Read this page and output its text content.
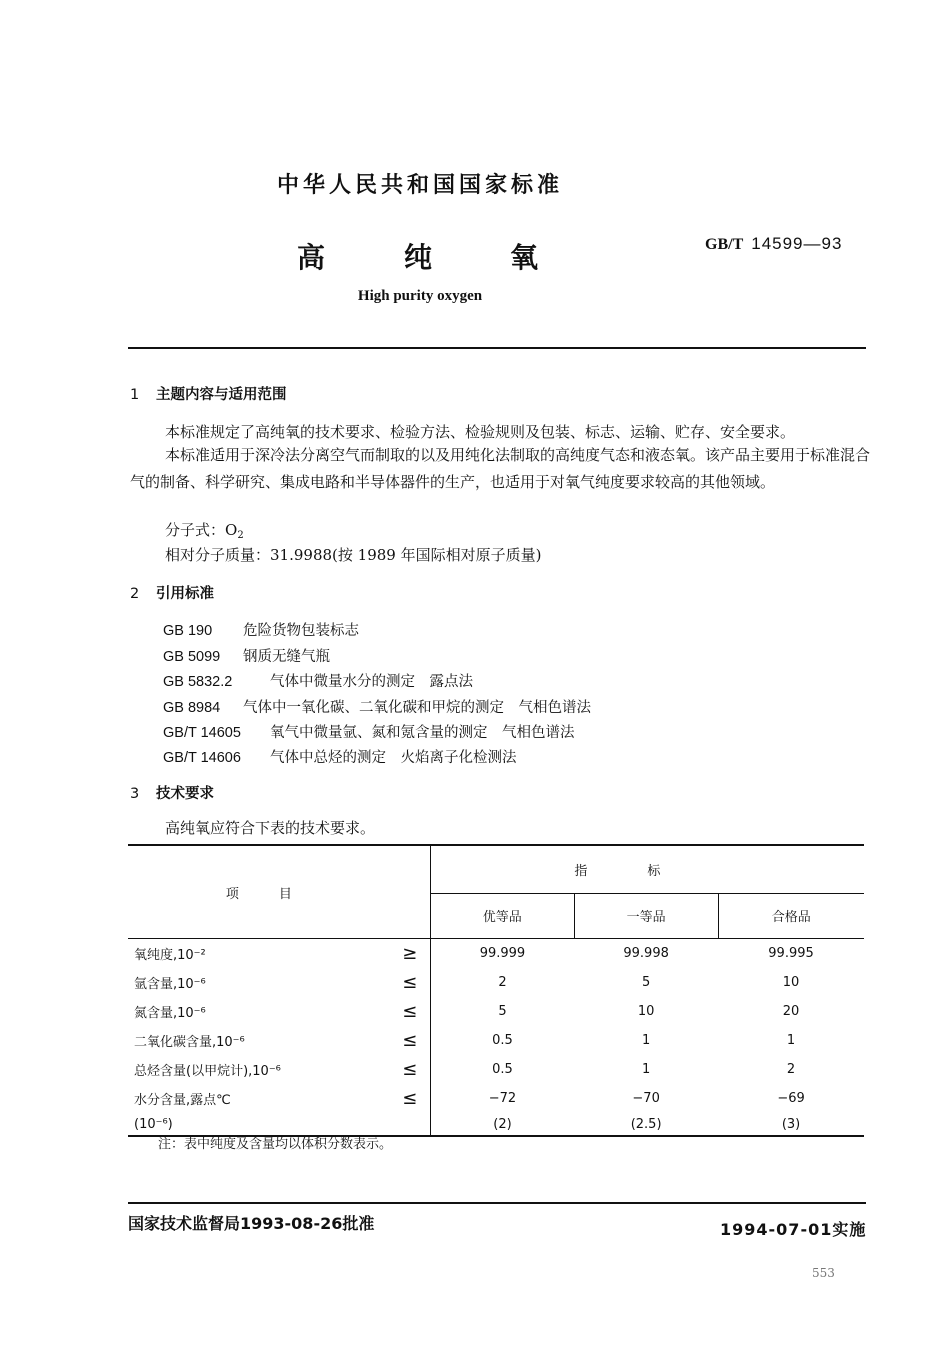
中华人民共和国国家标准
高	纯	氧	GB/T 14599—93
High purity oxygen
1 主题内容与适用范围
本标准规定了高纯氧的技术要求、检验方法、检验规则及包装、标志、运输、贮存、安全要求。
本标准适用于深冷法分离空气而制取的以及用纯化法制取的高纯度气态和液态氧。该产品主要用于标准混合气的制备、科学研究、集成电路和半导体器件的生产，也适用于对氧气纯度要求较高的其他领域。
分子式：$O_2$
相对分子质量：31.9988(按 1989 年国际相对原子质量)
2 引用标准
GB 190 危险货物包装标志
GB 5099 钢质无缝气瓶
GB 5832.2	气体中微量水分的测定　露点法
GB 8984 气体中一氧化碳、二氧化碳和甲烷的测定　气相色谱法
GB/T 14605 氧气中微量氩、氮和氪含量的测定　气相色谱法
GB/T 14606 气体中总烃的测定　火焰离子化检测法
3 技术要求
高纯氧应符合下表的技术要求。
项目		指标		
		优等品	一等品	合格品
氧纯度,10⁻²	≥	99.999	99.998	99.995
氩含量,10⁻⁶	≤	2	5	10
氮含量,10⁻⁶	≤	5	10	20
二氧化碳含量,10⁻⁶	≤	0.5	1	1
总烃含量(以甲烷计),10⁻⁶	≤	0.5	1	2
水分含量,露点℃	≤	−72	−70	−69
(10⁻⁶)		(2)	(2.5)	(3)
注：表中纯度及含量均以体积分数表示。
国家技术监督局1993-08-26批准	1994-07-01实施
553
